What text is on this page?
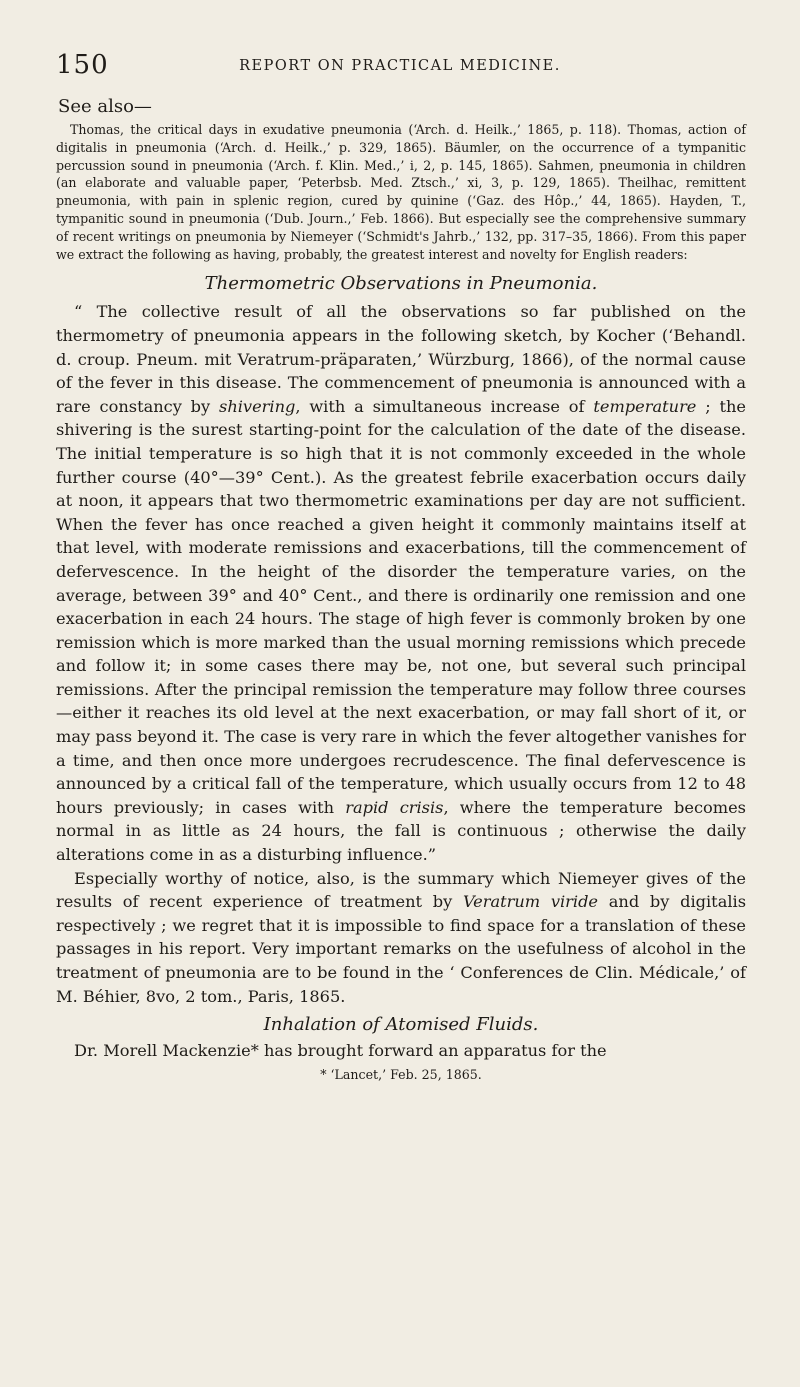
150	REPORT ON PRACTICAL MEDICINE.
See also—

Thomas, the critical days in exudative pneumonia (‘Arch. d. Heilk.,’ 1865, p. 118). Thomas, action of digitalis in pneumonia (‘Arch. d. Heilk.,’ p. 329, 1865). Bäumler, on the occurrence of a tympanitic percussion sound in pneumonia (‘Arch. f. Klin. Med.,’ i, 2, p. 145, 1865). Sahmen, pneumonia in children (an elaborate and valuable paper, ‘Peterbsb. Med. Ztsch.,’ xi, 3, p. 129, 1865). Theilhac, remittent pneumonia, with pain in splenic region, cured by quinine (‘Gaz. des Hôp.,’ 44, 1865). Hayden, T., tympanitic sound in pneumonia (‘Dub. Journ.,’ Feb. 1866). But especially see the comprehensive summary of recent writings on pneumonia by Niemeyer (‘Schmidt's Jahrb.,’ 132, pp. 317–35, 1866). From this paper we extract the following as having, probably, the greatest interest and novelty for English readers:

Thermometric Observations in Pneumonia.

“ The collective result of all the observations so far published on the thermometry of pneumonia appears in the following sketch, by Kocher (‘Behandl. d. croup. Pneum. mit Veratrum-präparaten,’ Würzburg, 1866), of the normal cause of the fever in this disease. The commencement of pneumonia is announced with a rare constancy by shivering, with a simultaneous increase of temperature ; the shivering is the surest starting-point for the calculation of the date of the disease. The initial temperature is so high that it is not commonly exceeded in the whole further course (40°—39° Cent.). As the greatest febrile exacerbation occurs daily at noon, it appears that two thermometric examinations per day are not sufficient. When the fever has once reached a given height it commonly maintains itself at that level, with moderate remissions and exacerbations, till the commencement of defervescence. In the height of the disorder the temperature varies, on the average, between 39° and 40° Cent., and there is ordinarily one remission and one exacerbation in each 24 hours. The stage of high fever is commonly broken by one remission which is more marked than the usual morning remissions which precede and follow it; in some cases there may be, not one, but several such principal remissions. After the principal remission the temperature may follow three courses—either it reaches its old level at the next exacerbation, or may fall short of it, or may pass beyond it. The case is very rare in which the fever altogether vanishes for a time, and then once more undergoes recrudescence. The final defervescence is announced by a critical fall of the temperature, which usually occurs from 12 to 48 hours previously; in cases with rapid crisis, where the temperature becomes normal in as little as 24 hours, the fall is continuous ; otherwise the daily alterations come in as a disturbing influence.”

Especially worthy of notice, also, is the summary which Niemeyer gives of the results of recent experience of treatment by Veratrum viride and by digitalis respectively ; we regret that it is impossible to find space for a translation of these passages in his report. Very important remarks on the usefulness of alcohol in the treatment of pneumonia are to be found in the ‘ Conferences de Clin. Médicale,’ of M. Béhier, 8vo, 2 tom., Paris, 1865.

Inhalation of Atomised Fluids.

Dr. Morell Mackenzie* has brought forward an apparatus for the

* ‘Lancet,’ Feb. 25, 1865.
